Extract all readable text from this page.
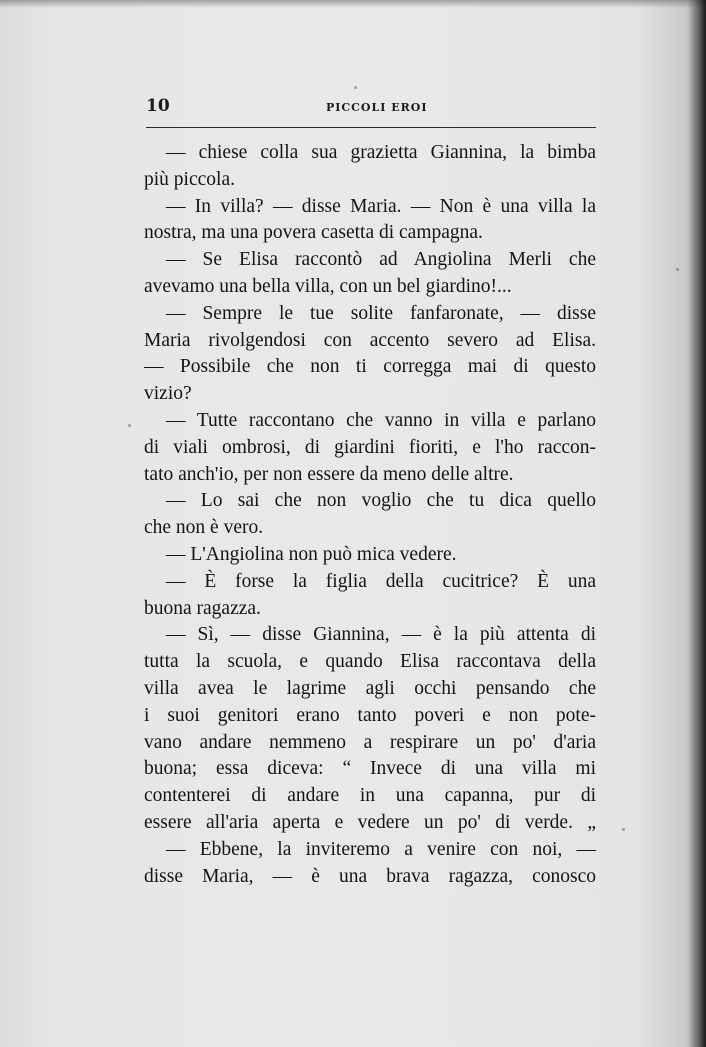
10	PICCOLI EROI
— chiese colla sua grazietta Giannina, la bimba
più piccola.
— In villa? — disse Maria. — Non è una villa la
nostra, ma una povera casetta di campagna.
— Se Elisa raccontò ad Angiolina Merli che
avevamo una bella villa, con un bel giardino!...
— Sempre le tue solite fanfaronate, — disse
Maria rivolgendosi con accento severo ad Elisa.
— Possibile che non ti corregga mai di questo
vizio?
— Tutte raccontano che vanno in villa e parlano
di viali ombrosi, di giardini fioriti, e l'ho raccon-
tato anch'io, per non essere da meno delle altre.
— Lo sai che non voglio che tu dica quello
che non è vero.
— L'Angiolina non può mica vedere.
— È forse la figlia della cucitrice? È una
buona ragazza.
— Sì, — disse Giannina, — è la più attenta di
tutta la scuola, e quando Elisa raccontava della
villa avea le lagrime agli occhi pensando che
i suoi genitori erano tanto poveri e non pote-
vano andare nemmeno a respirare un po' d'aria
buona; essa diceva: “ Invece di una villa mi
contenterei di andare in una capanna, pur di
essere all'aria aperta e vedere un po' di verde. „
— Ebbene, la inviteremo a venire con noi, —
disse Maria, — è una brava ragazza, conosco
